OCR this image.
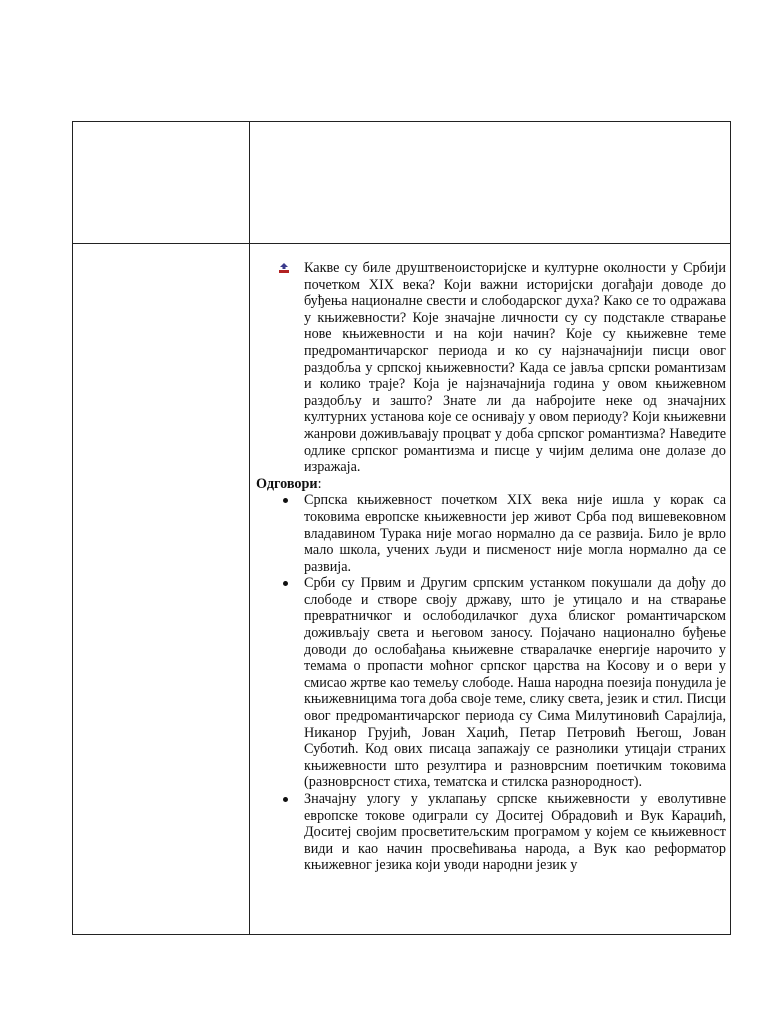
Какве су биле друштвеноисторијске и културне околности у Србији почетком XIX века? Који важни историјски догађаји доводе до буђења националне свести и слободарског духа? Како се то одражава у књижевности? Које значајне личности су су подстакле стварање нове књижевности и на који начин? Које су књижевне теме предромантичарског периода и ко су најзначајнији писци овог раздобља у српској књижевности? Када се јавља српски романтизам и колико траје? Која је најзначајнија година у овом књижевном раздобљу и зашто? Знате ли да набројите неке од значајних културних установа које се оснивају у овом периоду? Који књижевни жанрови доживљавају процват у доба српског романтизма? Наведите одлике српског романтизма и писце у чијим делима оне долазе до изражаја.

Одговори:

Српска књижевност почетком XIX века није ишла у корак са токовима европске књижевности јер живот Срба под вишевековном владавином Турака није могао нормално да се развија. Било је врло мало школа, учених људи и писменост није могла нормално да се развија.
Срби су Првим и Другим српским устанком покушали да дођу до слободе и створе своју државу, што је утицало и на стварање превратничког и ослободилачког духа блиског романтичарском доживљају света и његовом заносу. Појачано национално буђење доводи до ослобађања књижевне стваралачке енергије нарочито у темама о пропасти моћног српског царства на Косову и о вери у смисао жртве као темељу слободе. Наша народна поезија понудила је књижевницима тога доба своје теме, слику света, језик и стил. Писци овог предромантичарског периода су Сима Милутиновић Сарајлија, Никанор Грујић, Јован Хаџић, Петар Петровић Његош, Јован Суботић. Код ових писаца запажају се разнолики утицаји страних књижевности што резултира и разноврсним поетичким токовима (разноврсност стиха, тематска и стилска разнородност).
Значајну улогу у уклапању српске књижевности у еволутивне европске токове одиграли су Доситеј Обрадовић и Вук Караџић, Доситеј својим просветитељским програмом у којем се књижевност види и као начин просвећивања народа, а Вук као реформатор књижевног језика који уводи народни језик у
